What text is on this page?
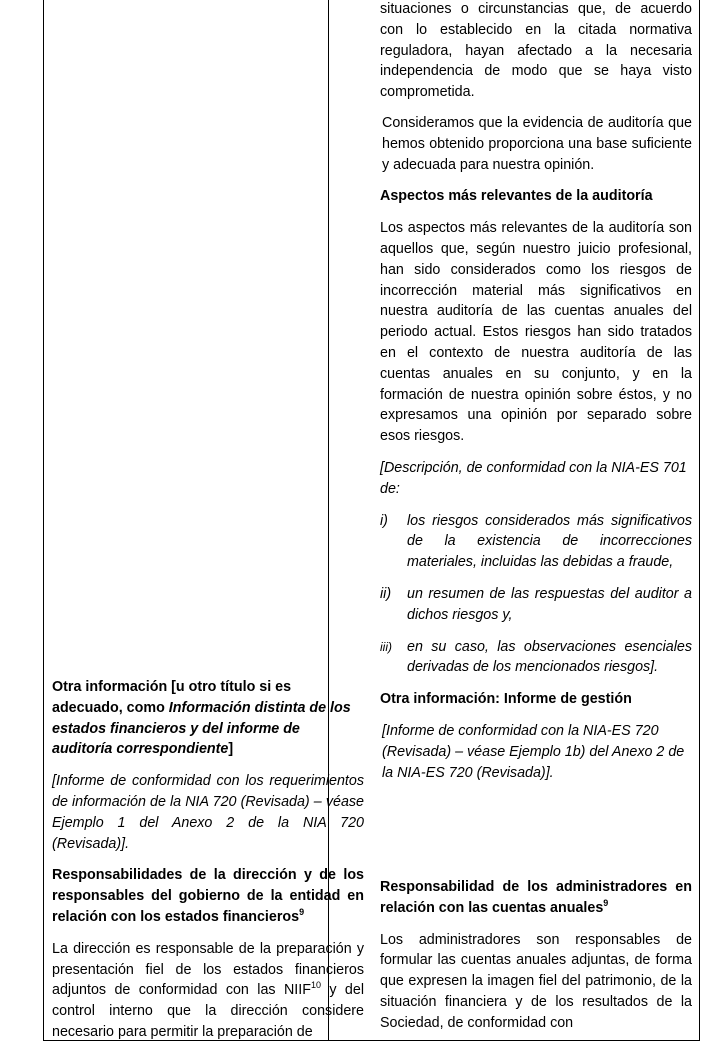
situaciones o circunstancias que, de acuerdo con lo establecido en la citada normativa reguladora, hayan afectado a la necesaria independencia de modo que se haya visto comprometida.

Consideramos que la evidencia de auditoría que hemos obtenido proporciona una base suficiente y adecuada para nuestra opinión.

Aspectos más relevantes de la auditoría

Los aspectos más relevantes de la auditoría son aquellos que, según nuestro juicio profesional, han sido considerados como los riesgos de incorrección material más significativos en nuestra auditoría de las cuentas anuales del periodo actual. Estos riesgos han sido tratados en el contexto de nuestra auditoría de las cuentas anuales en su conjunto, y en la formación de nuestra opinión sobre éstos, y no expresamos una opinión por separado sobre esos riesgos.

[Descripción, de conformidad con la NIA-ES 701 de:

i) los riesgos considerados más significativos de la existencia de incorrecciones materiales, incluidas las debidas a fraude,
ii) un resumen de las respuestas del auditor a dichos riesgos y,
iii) en su caso, las observaciones esenciales derivadas de los mencionados riesgos].

Otra información: Informe de gestión

[Informe de conformidad con la NIA-ES 720 (Revisada) – véase Ejemplo 1b) del Anexo 2 de la NIA-ES 720 (Revisada)].

Responsabilidad de los administradores en relación con las cuentas anuales$^9$

Los administradores son responsables de formular las cuentas anuales adjuntas, de forma que expresen la imagen fiel del patrimonio, de la situación financiera y de los resultados de la Sociedad, de conformidad con

Otra información [u otro título si es adecuado, como Información distinta de los estados financieros y del informe de auditoría correspondiente]

[Informe de conformidad con los requerimientos de información de la NIA 720 (Revisada) – véase Ejemplo 1 del Anexo 2 de la NIA 720 (Revisada)].

Responsabilidades de la dirección y de los responsables del gobierno de la entidad en relación con los estados financieros$^9$

La dirección es responsable de la preparación y presentación fiel de los estados financieros adjuntos de conformidad con las NIIF$^{10}$ y del control interno que la dirección considere necesario para permitir la preparación de
